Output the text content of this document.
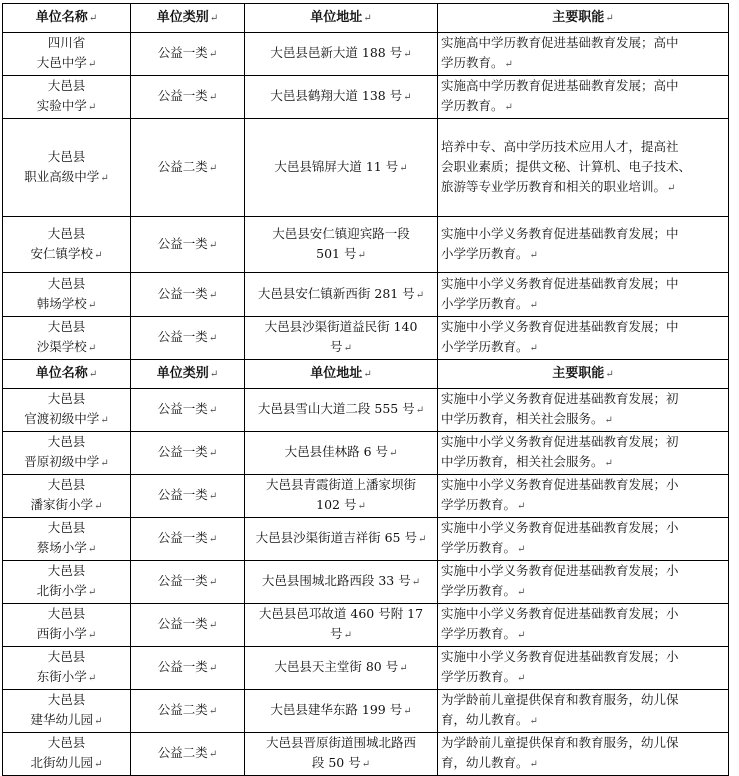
单位名称↵	单位类别↵	单位地址↵	主要职能↵

四川省
大邑中学↵	公益一类↵	大邑县邑新大道 188 号↵	实施高中学历教育促进基础教育发展；高中
学历教育。↵

大邑县
实验中学↵	公益一类↵	大邑县鹤翔大道 138 号↵	实施高中学历教育促进基础教育发展；高中
学历教育。↵

大邑县
职业高级中学↵	公益二类↵	大邑县锦屏大道 11 号↵	培养中专、高中学历技术应用人才，提高社
会职业素质；提供文秘、计算机、电子技术、
旅游等专业学历教育和相关的职业培训。↵

大邑县
安仁镇学校↵	公益一类↵	大邑县安仁镇迎宾路一段
501 号↵	实施中小学义务教育促进基础教育发展；中
小学学历教育。↵

大邑县
韩场学校↵	公益一类↵	大邑县安仁镇新西街 281 号↵	实施中小学义务教育促进基础教育发展；中
小学学历教育。↵

大邑县
沙渠学校↵	公益一类↵	大邑县沙渠街道益民街 140
号↵	实施中小学义务教育促进基础教育发展；中
小学学历教育。↵

单位名称↵	单位类别↵	单位地址↵	主要职能↵

大邑县
官渡初级中学↵	公益一类↵	大邑县雪山大道二段 555 号↵	实施中小学义务教育促进基础教育发展；初
中学历教育，相关社会服务。↵

大邑县
晋原初级中学↵	公益一类↵	大邑县佳林路 6 号↵	实施中小学义务教育促进基础教育发展；初
中学历教育，相关社会服务。↵

大邑县
潘家街小学↵	公益一类↵	大邑县青霞街道上潘家坝街
102 号↵	实施中小学义务教育促进基础教育发展；小
学学历教育。↵

大邑县
蔡场小学↵	公益一类↵	大邑县沙渠街道吉祥街 65 号↵	实施中小学义务教育促进基础教育发展；小
学学历教育。↵

大邑县
北街小学↵	公益一类↵	大邑县围城北路西段 33 号↵	实施中小学义务教育促进基础教育发展；小
学学历教育。↵

大邑县
西街小学↵	公益一类↵	大邑县邑邛故道 460 号附 17
号↵	实施中小学义务教育促进基础教育发展；小
学学历教育。↵

大邑县
东街小学↵	公益一类↵	大邑县天主堂街 80 号↵	实施中小学义务教育促进基础教育发展；小
学学历教育。↵

大邑县
建华幼儿园↵	公益二类↵	大邑县建华东路 199 号↵	为学龄前儿童提供保育和教育服务，幼儿保
育，幼儿教育。↵

大邑县
北街幼儿园↵	公益二类↵	大邑县晋原街道围城北路西
段 50 号↵	为学龄前儿童提供保育和教育服务，幼儿保
育，幼儿教育。↵
